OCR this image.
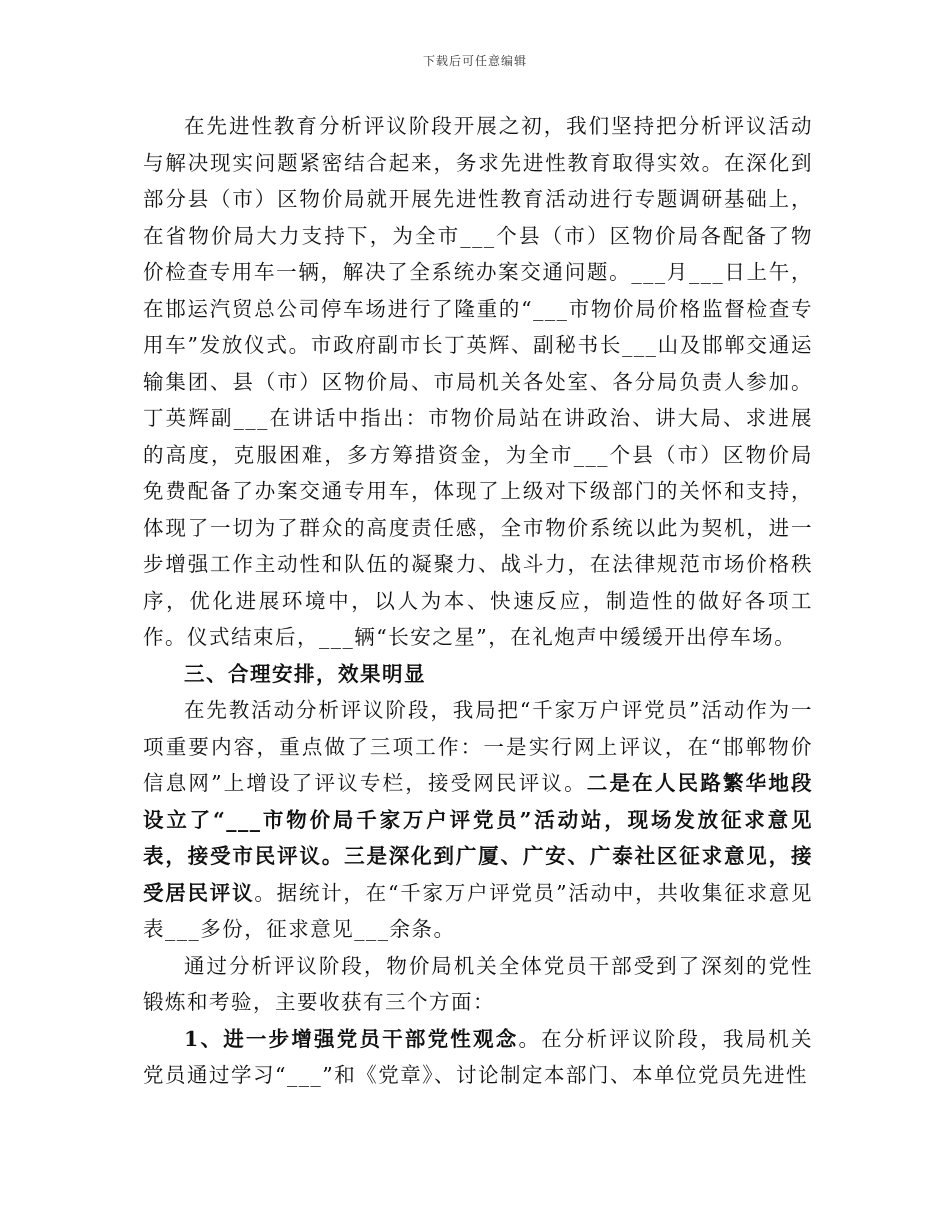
下载后可任意编辑

在先进性教育分析评议阶段开展之初，我们坚持把分析评议活动与解决现实问题紧密结合起来，务求先进性教育取得实效。在深化到部分县（市）区物价局就开展先进性教育活动进行专题调研基础上，在省物价局大力支持下，为全市___个县（市）区物价局各配备了物价检查专用车一辆，解决了全系统办案交通问题。___月___日上午，在邯运汽贸总公司停车场进行了隆重的“___市物价局价格监督检查专用车”发放仪式。市政府副市长丁英辉、副秘书长___山及邯郸交通运输集团、县（市）区物价局、市局机关各处室、各分局负责人参加。丁英辉副___在讲话中指出：市物价局站在讲政治、讲大局、求进展的高度，克服困难，多方筹措资金，为全市___个县（市）区物价局免费配备了办案交通专用车，体现了上级对下级部门的关怀和支持，体现了一切为了群众的高度责任感，全市物价系统以此为契机，进一步增强工作主动性和队伍的凝聚力、战斗力，在法律规范市场价格秩序，优化进展环境中，以人为本、快速反应，制造性的做好各项工作。仪式结束后，___辆“长安之星”，在礼炮声中缓缓开出停车场。

三、合理安排，效果明显

在先教活动分析评议阶段，我局把“千家万户评党员”活动作为一项重要内容，重点做了三项工作：一是实行网上评议，在“邯郸物价信息网”上增设了评议专栏，接受网民评议。二是在人民路繁华地段设立了“___市物价局千家万户评党员”活动站，现场发放征求意见表，接受市民评议。三是深化到广厦、广安、广泰社区征求意见，接受居民评议。据统计，在“千家万户评党员”活动中，共收集征求意见表___多份，征求意见___余条。

通过分析评议阶段，物价局机关全体党员干部受到了深刻的党性锻炼和考验，主要收获有三个方面：

1、进一步增强党员干部党性观念。在分析评议阶段，我局机关党员通过学习“___”和《党章》、讨论制定本部门、本单位党员先进性
